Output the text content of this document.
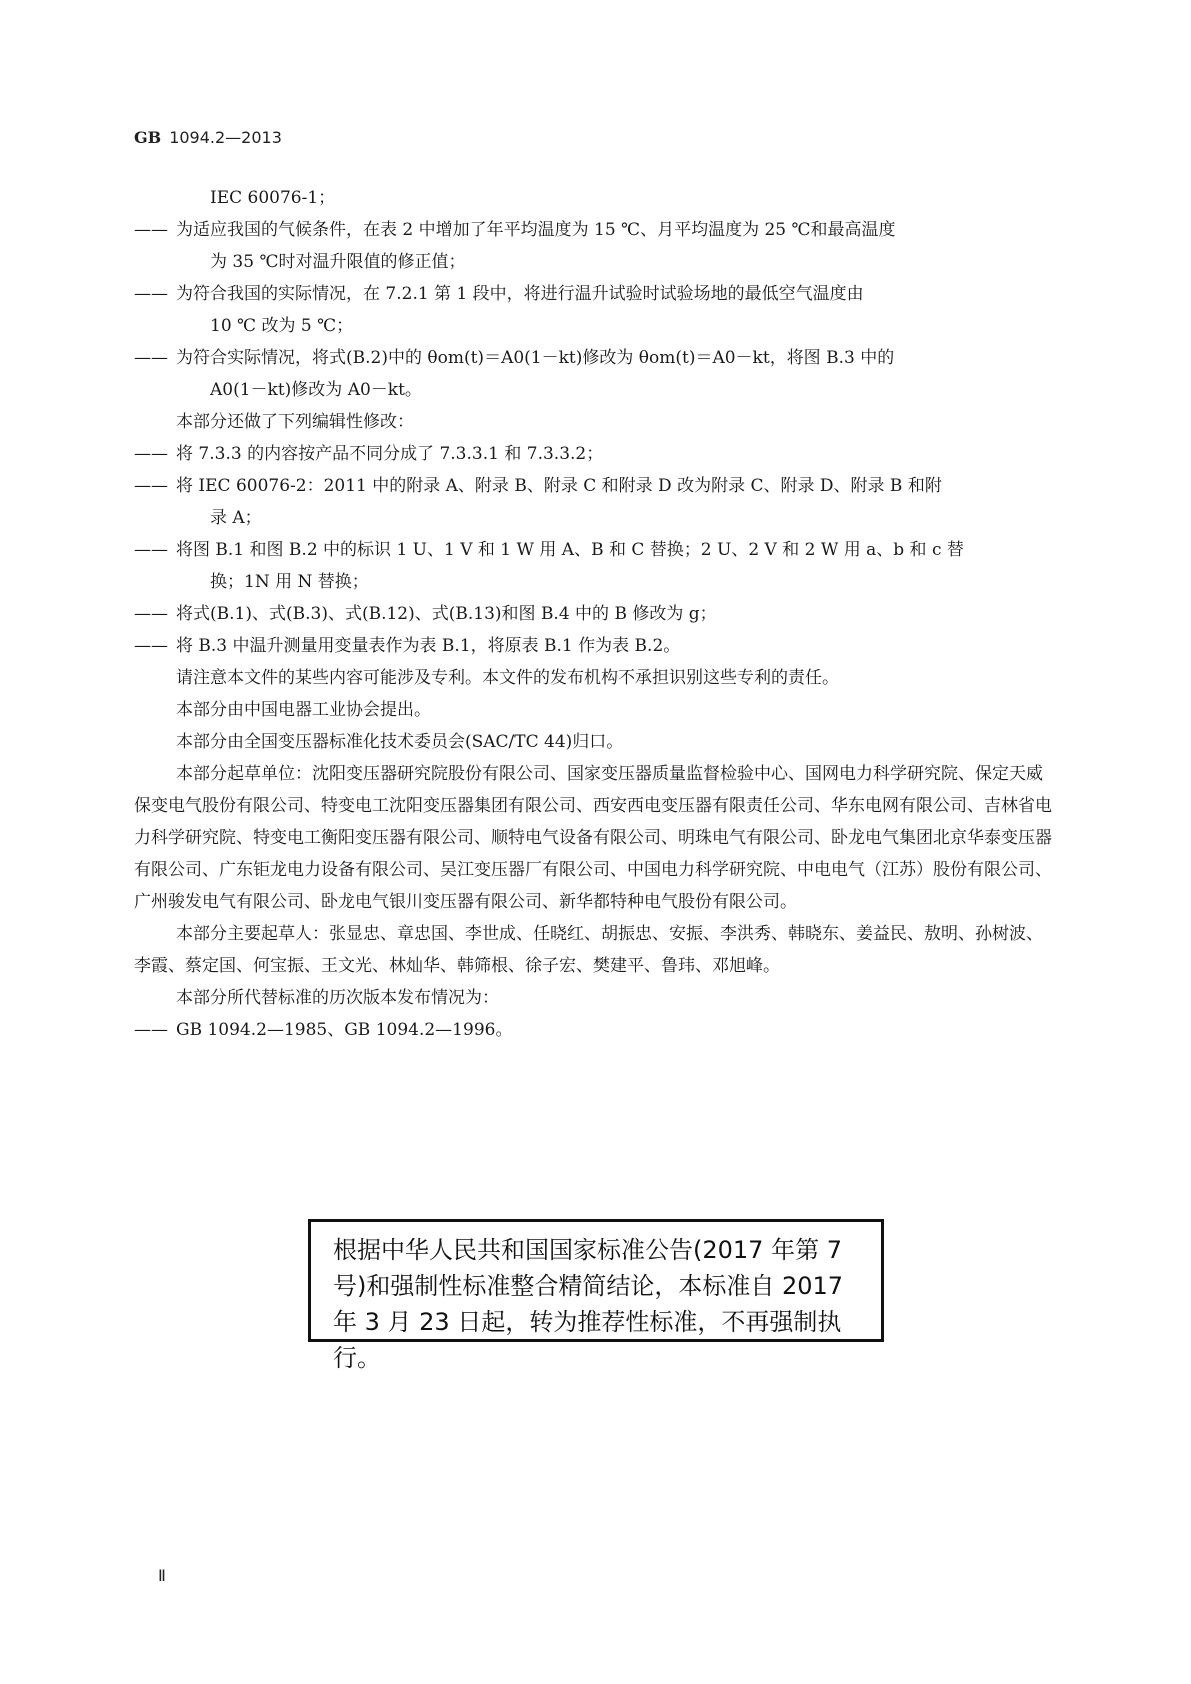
GB 1094.2—2013
IEC 60076-1；
—— 为适应我国的气候条件，在表 2 中增加了年平均温度为 15 ℃、月平均温度为 25 ℃和最高温度
为 35 ℃时对温升限值的修正值；
—— 为符合我国的实际情况，在 7.2.1 第 1 段中，将进行温升试验时试验场地的最低空气温度由
10 ℃ 改为 5 ℃；
—— 为符合实际情况，将式(B.2)中的 θom(t)＝A0(1－kt)修改为 θom(t)＝A0－kt，将图 B.3 中的
A0(1－kt)修改为 A0－kt。
本部分还做了下列编辑性修改：
—— 将 7.3.3 的内容按产品不同分成了 7.3.3.1 和 7.3.3.2；
—— 将 IEC 60076-2：2011 中的附录 A、附录 B、附录 C 和附录 D 改为附录 C、附录 D、附录 B 和附
录 A；
—— 将图 B.1 和图 B.2 中的标识 1 U、1 V 和 1 W 用 A、B 和 C 替换；2 U、2 V 和 2 W 用 a、b 和 c 替
换；1N 用 N 替换；
—— 将式(B.1)、式(B.3)、式(B.12)、式(B.13)和图 B.4 中的 B 修改为 g；
—— 将 B.3 中温升测量用变量表作为表 B.1，将原表 B.1 作为表 B.2。
请注意本文件的某些内容可能涉及专利。本文件的发布机构不承担识别这些专利的责任。
本部分由中国电器工业协会提出。
本部分由全国变压器标准化技术委员会(SAC/TC 44)归口。
本部分起草单位：沈阳变压器研究院股份有限公司、国家变压器质量监督检验中心、国网电力科学研究院、保定天威保变电气股份有限公司、特变电工沈阳变压器集团有限公司、西安西电变压器有限责任公司、华东电网有限公司、吉林省电力科学研究院、特变电工衡阳变压器有限公司、顺特电气设备有限公司、明珠电气有限公司、卧龙电气集团北京华泰变压器有限公司、广东钜龙电力设备有限公司、吴江变压器厂有限公司、中国电力科学研究院、中电电气（江苏）股份有限公司、广州骏发电气有限公司、卧龙电气银川变压器有限公司、新华都特种电气股份有限公司。
本部分主要起草人：张显忠、章忠国、李世成、任晓红、胡振忠、安振、李洪秀、韩晓东、姜益民、敖明、孙树波、李霞、蔡定国、何宝振、王文光、林灿华、韩筛根、徐子宏、樊建平、鲁玮、邓旭峰。
本部分所代替标准的历次版本发布情况为：
—— GB 1094.2—1985、GB 1094.2—1996。
根据中华人民共和国国家标准公告(2017 年第 7
号)和强制性标准整合精简结论，本标准自 2017
年 3 月 23 日起，转为推荐性标准，不再强制执行。
Ⅱ
